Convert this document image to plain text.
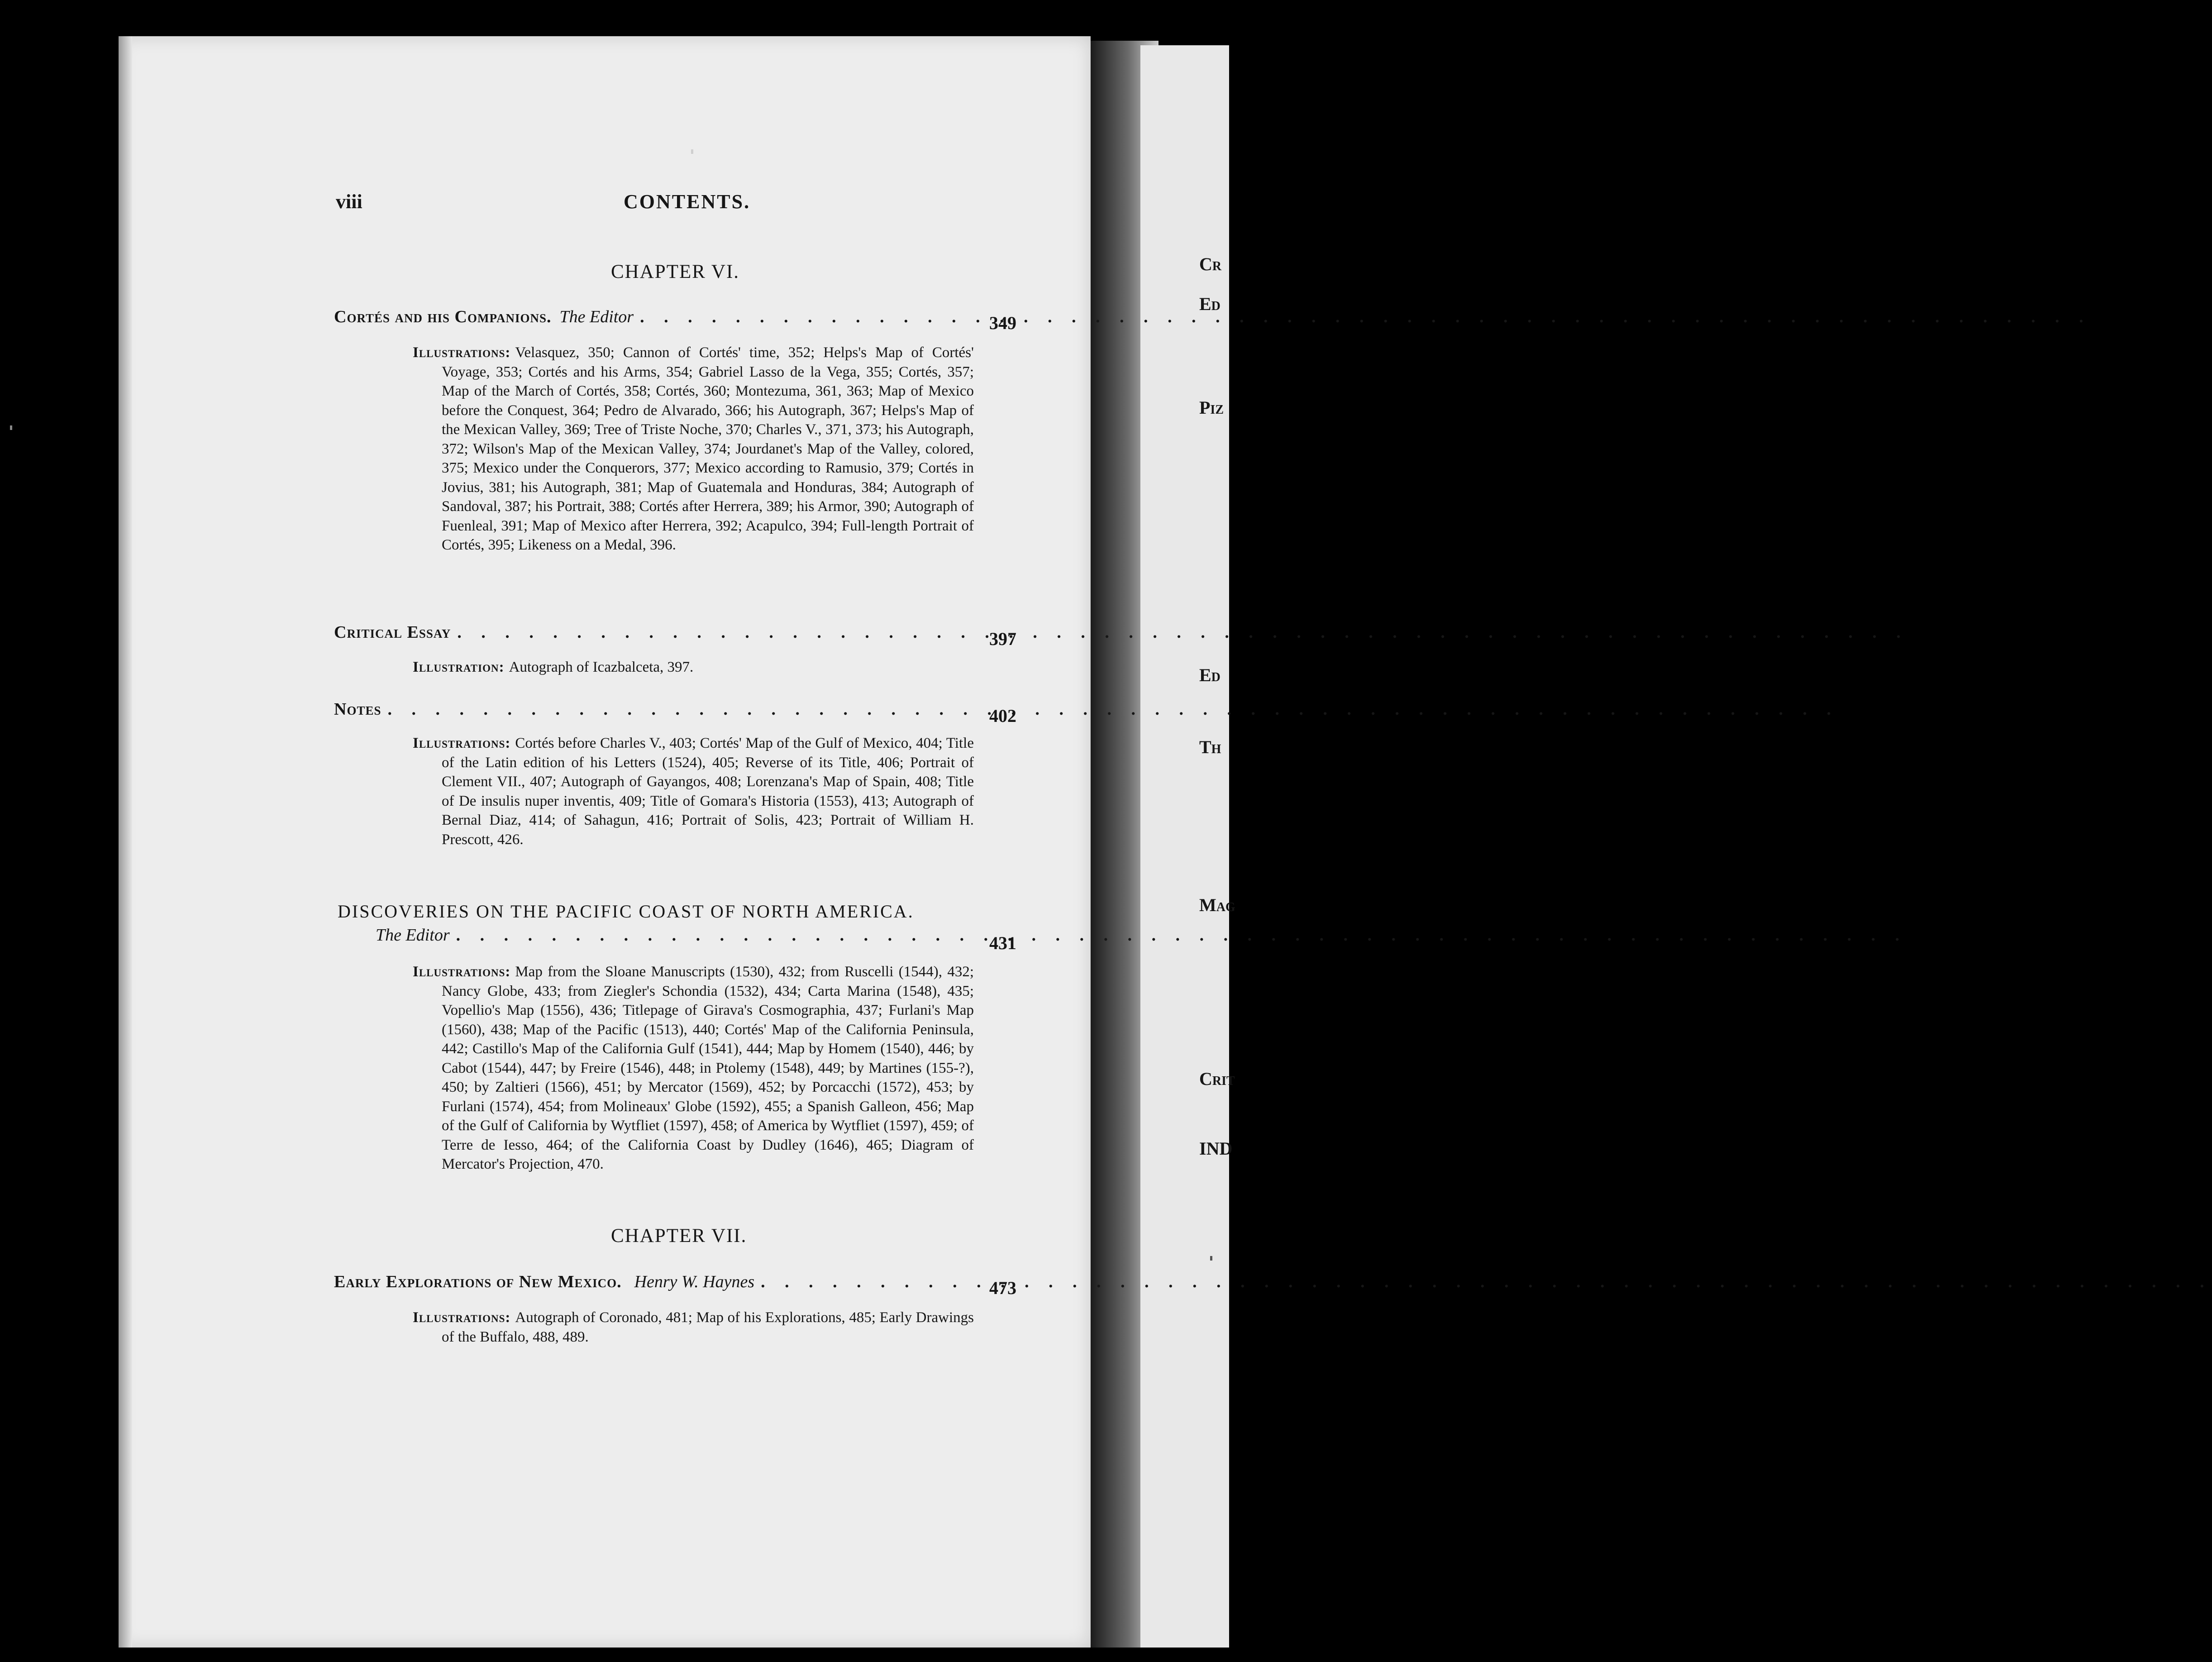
Cr
Ed
Piz
Ed
Th
Mag
Crit
IND
viii	CONTENTS.
CHAPTER VI.
Cortés and his Companions. The Editor . . .	349
Illustrations: Velasquez, 350; Cannon of Cortés' time, 352; Helps's Map of Cortés' Voyage, 353; Cortés and his Arms, 354; Gabriel Lasso de la Vega, 355; Cortés, 357; Map of the March of Cortés, 358; Cortés, 360; Montezuma, 361, 363; Map of Mexico before the Conquest, 364; Pedro de Alvarado, 366; his Autograph, 367; Helps's Map of the Mexican Valley, 369; Tree of Triste Noche, 370; Charles V., 371, 373; his Autograph, 372; Wilson's Map of the Mexican Valley, 374; Jourdanet's Map of the Valley, colored, 375; Mexico under the Conquerors, 377; Mexico according to Ramusio, 379; Cortés in Jovius, 381; his Autograph, 381; Map of Guatemala and Honduras, 384; Autograph of Sandoval, 387; his Portrait, 388; Cortés after Herrera, 389; his Armor, 390; Autograph of Fuenleal, 391; Map of Mexico after Herrera, 392; Acapulco, 394; Full-length Portrait of Cortés, 395; Likeness on a Medal, 396.
Critical Essay . . .	397
Illustration: Autograph of Icazbalceta, 397.
Notes . . .	402
Illustrations: Cortés before Charles V., 403; Cortés' Map of the Gulf of Mexico, 404; Title of the Latin edition of his Letters (1524), 405; Reverse of its Title, 406; Portrait of Clement VII., 407; Autograph of Gayangos, 408; Lorenzana's Map of Spain, 408; Title of De insulis nuper inventis, 409; Title of Gomara's Historia (1553), 413; Autograph of Bernal Diaz, 414; of Sahagun, 416; Portrait of Solis, 423; Portrait of William H. Prescott, 426.
DISCOVERIES ON THE PACIFIC COAST OF NORTH AMERICA.
The Editor . . .	431
Illustrations: Map from the Sloane Manuscripts (1530), 432; from Ruscelli (1544), 432; Nancy Globe, 433; from Ziegler's Schondia (1532), 434; Carta Marina (1548), 435; Vopellio's Map (1556), 436; Titlepage of Girava's Cosmographia, 437; Furlani's Map (1560), 438; Map of the Pacific (1513), 440; Cortés' Map of the California Peninsula, 442; Castillo's Map of the California Gulf (1541), 444; Map by Homem (1540), 446; by Cabot (1544), 447; by Freire (1546), 448; in Ptolemy (1548), 449; by Martines (155-?), 450; by Zaltieri (1566), 451; by Mercator (1569), 452; by Porcacchi (1572), 453; by Furlani (1574), 454; from Molineaux' Globe (1592), 455; a Spanish Galleon, 456; Map of the Gulf of California by Wytfliet (1597), 458; of America by Wytfliet (1597), 459; of Terre de Iesso, 464; of the California Coast by Dudley (1646), 465; Diagram of Mercator's Projection, 470.
CHAPTER VII.
Early Explorations of New Mexico. Henry W. Haynes . . .	473
Illustrations: Autograph of Coronado, 481; Map of his Explorations, 485; Early Drawings of the Buffalo, 488, 489.
